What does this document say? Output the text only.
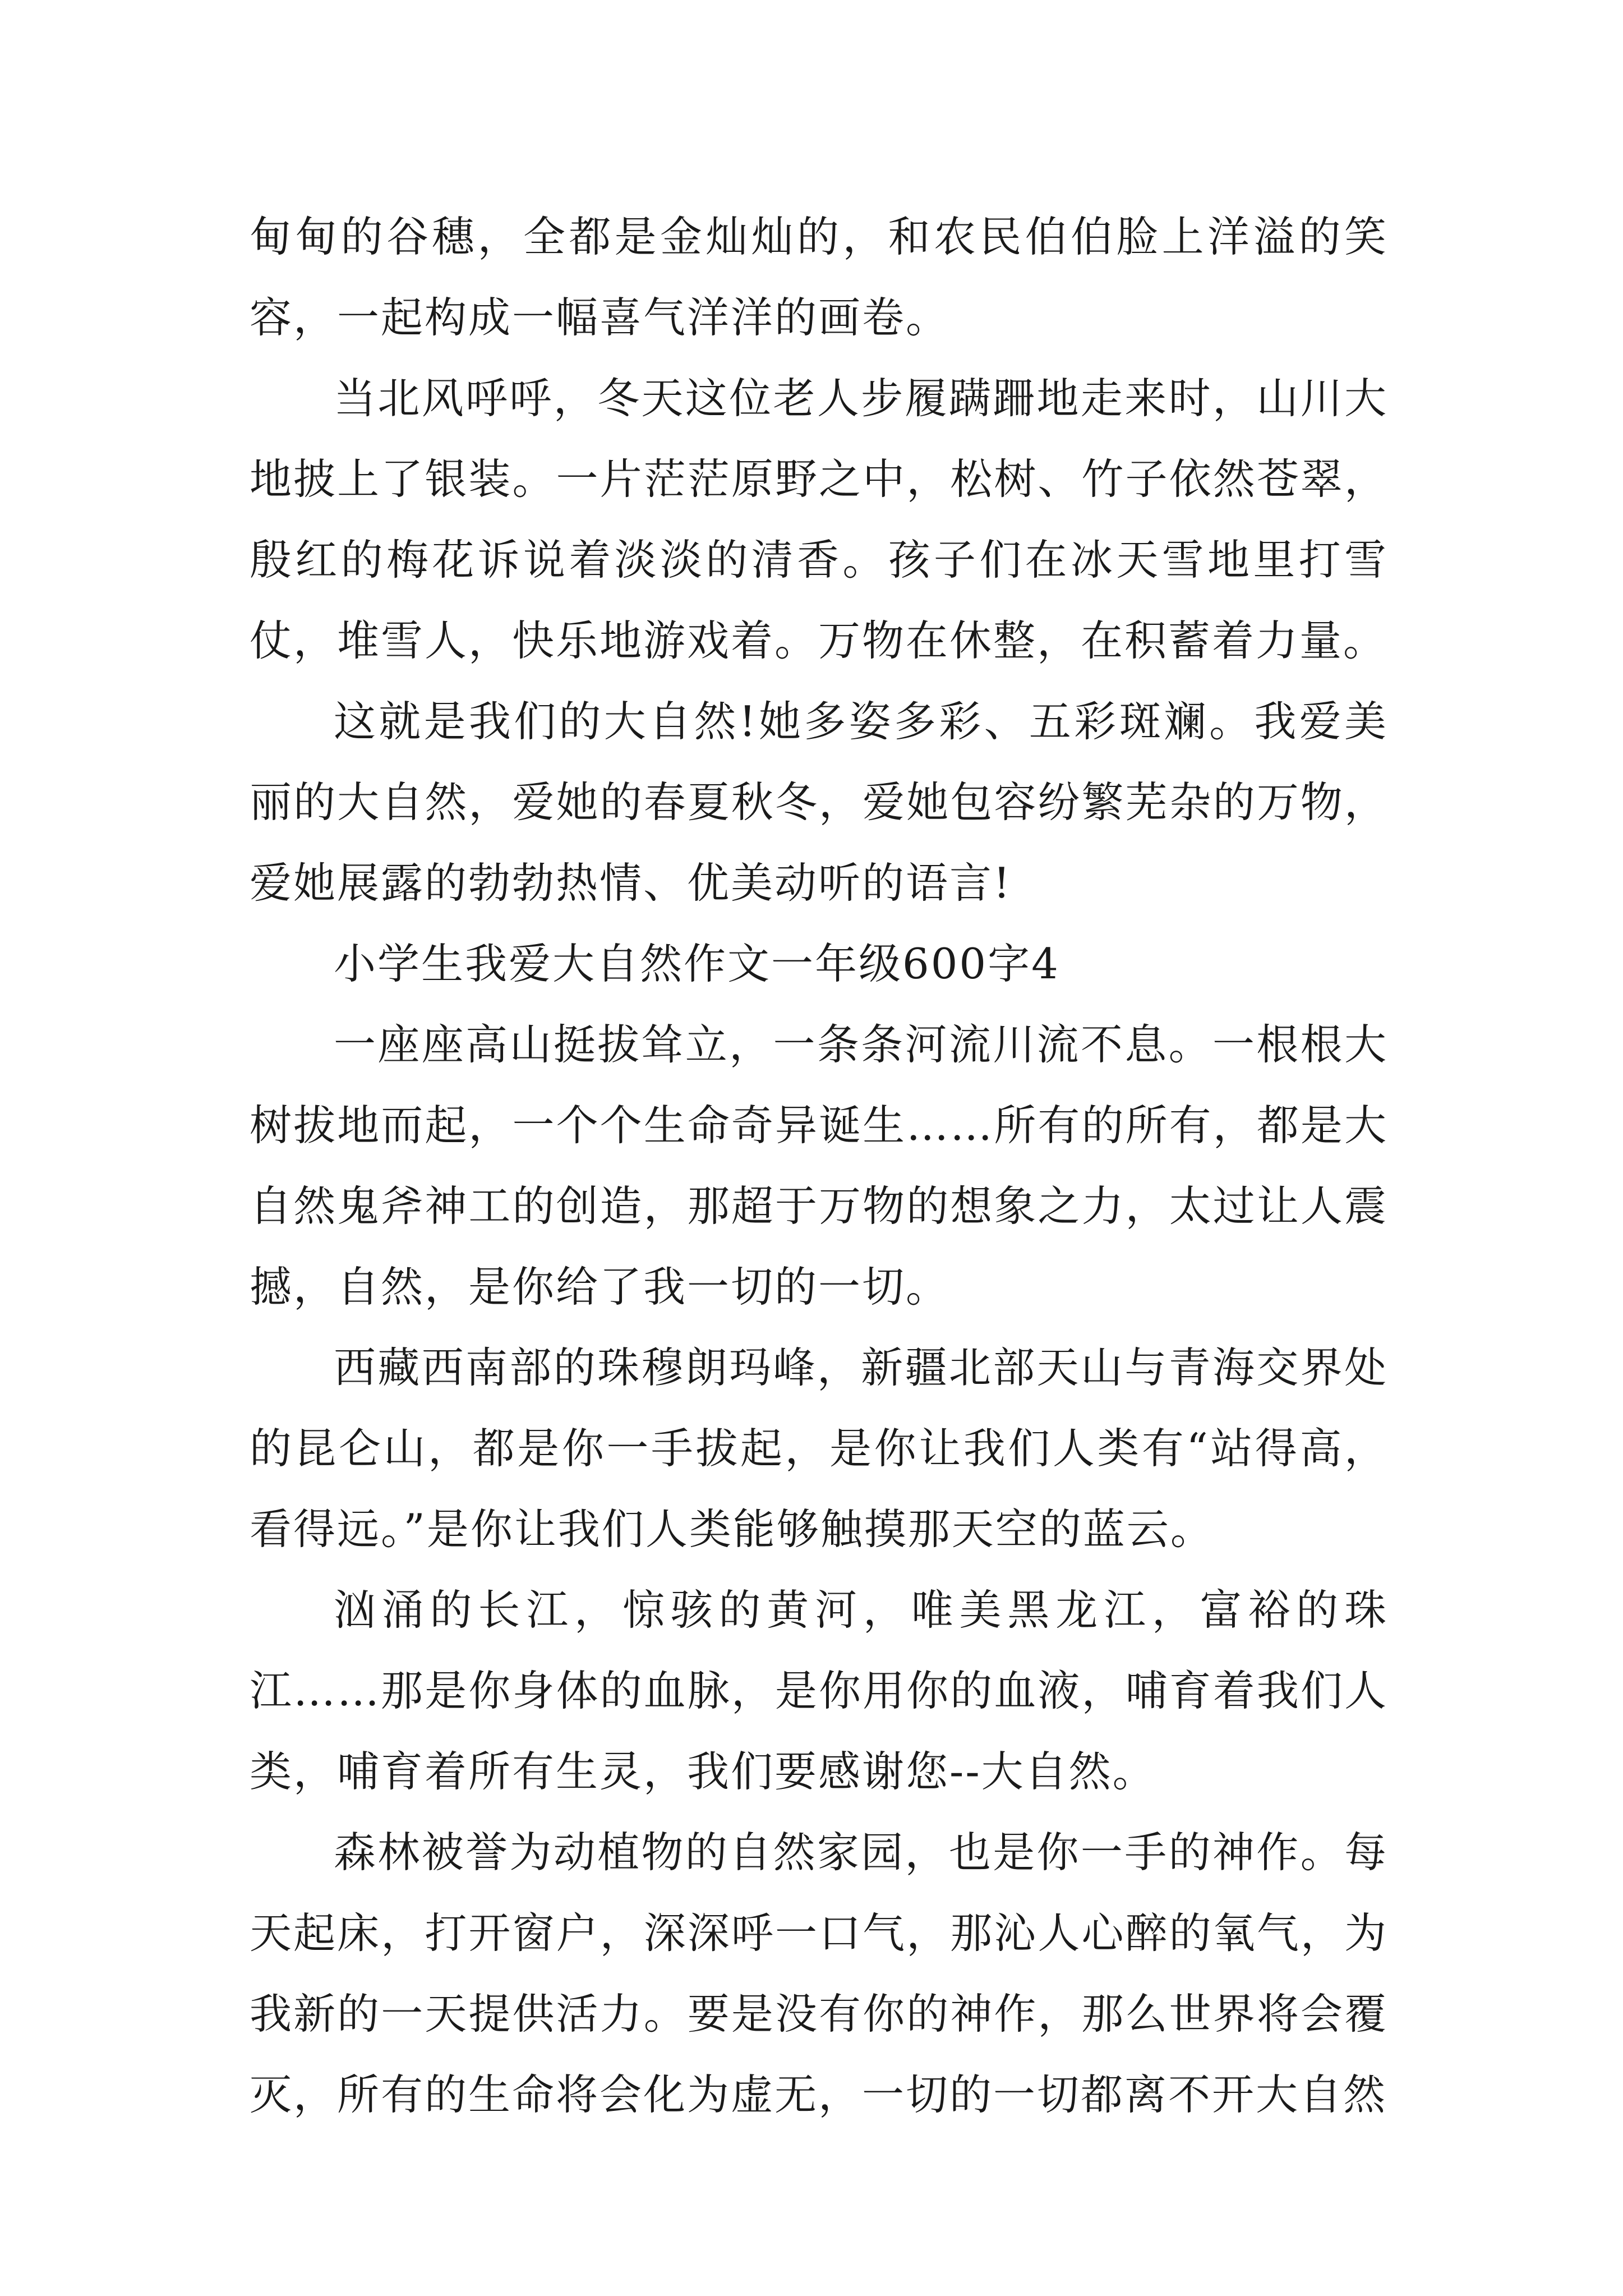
甸甸的谷穗，全都是金灿灿的，和农民伯伯脸上洋溢的笑容，一起构成一幅喜气洋洋的画卷。

当北风呼呼，冬天这位老人步履蹒跚地走来时，山川大地披上了银装。一片茫茫原野之中，松树、竹子依然苍翠，殷红的梅花诉说着淡淡的清香。孩子们在冰天雪地里打雪仗，堆雪人，快乐地游戏着。万物在休整，在积蓄着力量。

这就是我们的大自然!她多姿多彩、五彩斑斓。我爱美丽的大自然，爱她的春夏秋冬，爱她包容纷繁芜杂的万物，爱她展露的勃勃热情、优美动听的语言!

小学生我爱大自然作文一年级600字4

一座座高山挺拔耸立，一条条河流川流不息。一根根大树拔地而起，一个个生命奇异诞生……所有的所有，都是大自然鬼斧神工的创造，那超于万物的想象之力，太过让人震撼，自然，是你给了我一切的一切。

西藏西南部的珠穆朗玛峰，新疆北部天山与青海交界处的昆仑山，都是你一手拔起，是你让我们人类有“站得高，看得远。”是你让我们人类能够触摸那天空的蓝云。

汹涌的长江，惊骇的黄河，唯美黑龙江，富裕的珠江……那是你身体的血脉，是你用你的血液，哺育着我们人类，哺育着所有生灵，我们要感谢您--大自然。

森林被誉为动植物的自然家园，也是你一手的神作。每天起床，打开窗户，深深呼一口气，那沁人心醉的氧气，为我新的一天提供活力。要是没有你的神作，那么世界将会覆灭，所有的生命将会化为虚无，一切的一切都离不开大自然
